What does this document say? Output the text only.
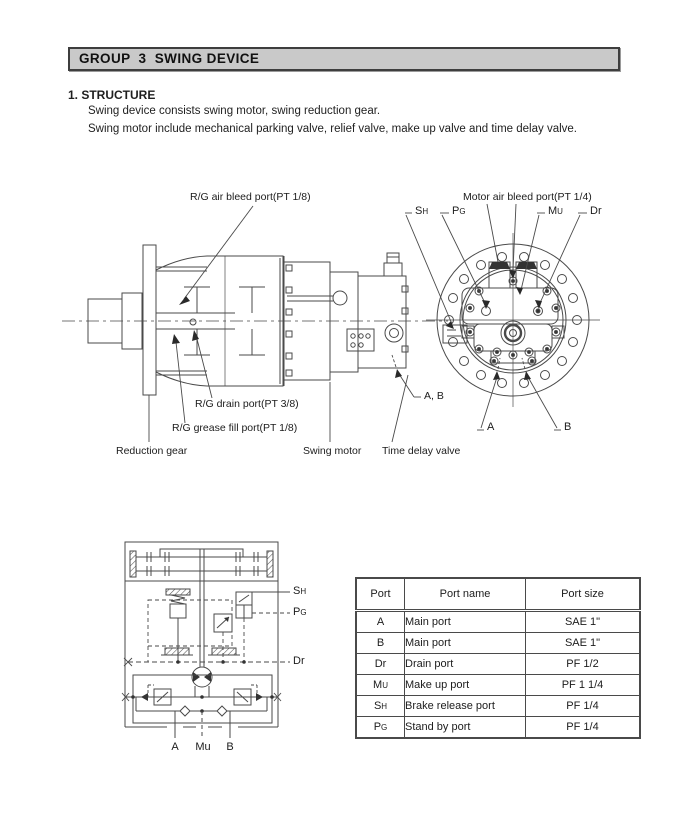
GROUP  3  SWING DEVICE
1. STRUCTURE
Swing device consists swing motor, swing reduction gear.
Swing motor include mechanical parking valve, relief valve, make up valve and time delay valve.
R/G air bleed port(PT 1/8)
R/G drain port(PT 3/8)
R/G grease fill port(PT 1/8)
Reduction gear	Swing motor Time delay valve
A, B
Motor air bleed port(PT 1/4)
SH PG	MU Dr
A	B
SH
PG
Dr
A Mu B
Port	Port name	Port size
A	Main port	SAE 1"
B	Main port	SAE 1"
Dr	Drain port	PF 1/2
MU	Make up port	PF 1 1/4
SH	Brake release port	PF 1/4
PG	Stand by port	PF 1/4
